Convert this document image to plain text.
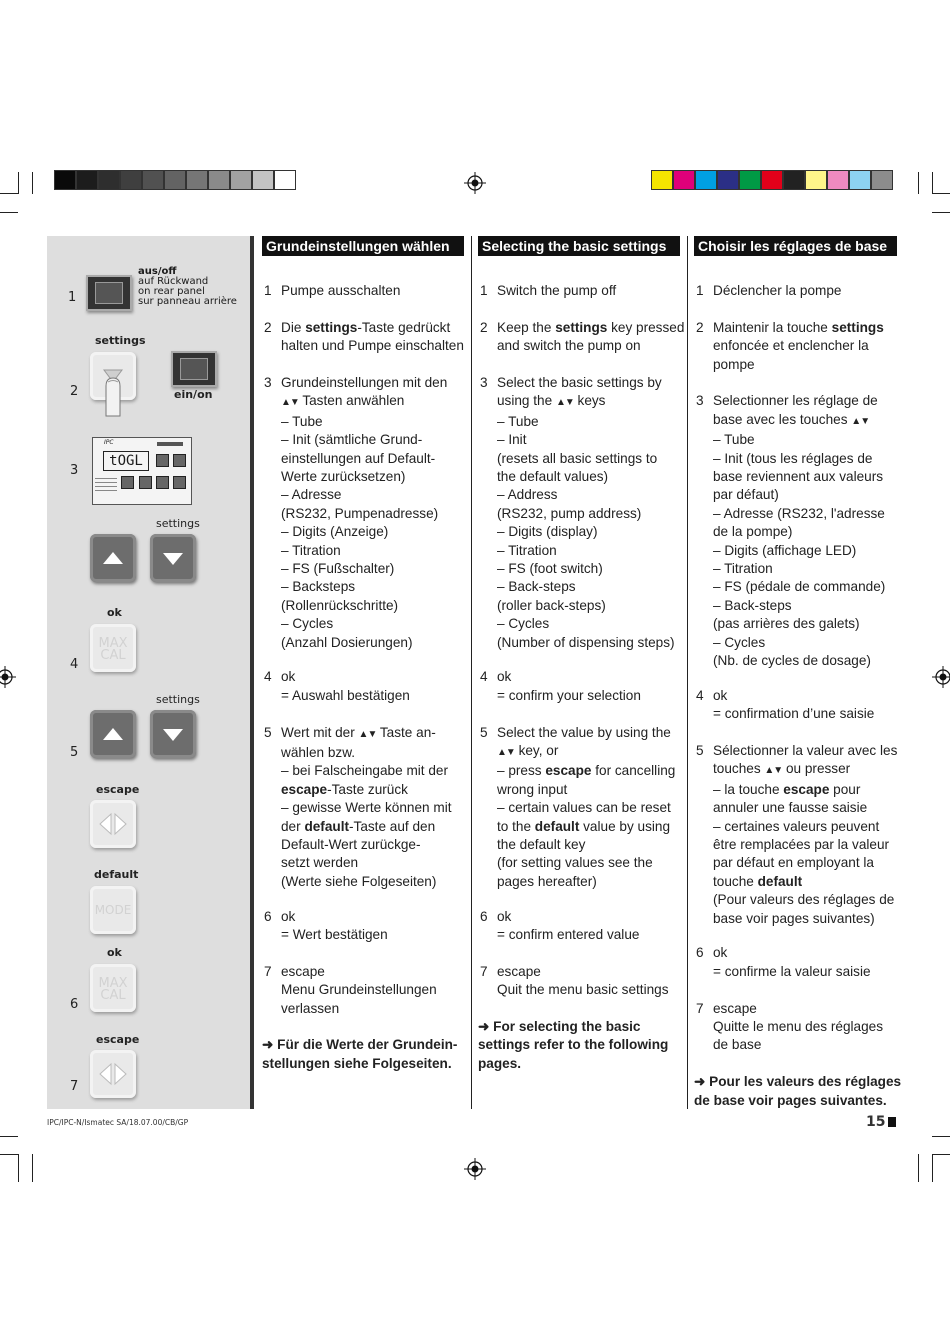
1
2
3
4
5
6
7
aus/off
auf Rückwand
on rear panel
sur panneau arrière
settings
ein/on
IPC
tOGL
settings
ok
MAX
CAL
settings
escape
default
MODE
ok
MAX
CAL
escape
Grundeinstellungen wählen
1 Pumpe ausschalten
2 Die settings-Taste gedrückt
halten und Pumpe einschalten
3 Grundeinstellungen mit den
▲▼ Tasten anwählen
– Tube
– Init (sämtliche Grund-
einstellungen auf Default-
Werte zurücksetzen)
– Adresse
(RS232, Pumpenadresse)
– Digits (Anzeige)
– Titration
– FS (Fußschalter)
– Backsteps
(Rollenrückschritte)
– Cycles
(Anzahl Dosierungen)
4 ok
= Auswahl bestätigen
5 Wert mit der ▲▼ Taste an-
wählen bzw.
– bei Falscheingabe mit der
escape-Taste zurück
– gewisse Werte können mit
der default-Taste auf den
Default-Wert zurückge-
setzt werden
(Werte siehe Folgeseiten)
6 ok
= Wert bestätigen
7 escape
Menu Grundeinstellungen
verlassen
➜ Für die Werte der Grundein-
stellungen siehe Folgeseiten.
Selecting the basic settings
1 Switch the pump off
2 Keep the settings key pressed
and switch the pump on
3 Select the basic settings by
using the ▲▼ keys
– Tube
– Init
(resets all basic settings to
the default values)
– Address
(RS232, pump address)
– Digits (display)
– Titration
– FS (foot switch)
– Back-steps
(roller back-steps)
– Cycles
(Number of dispensing steps)
4 ok
= confirm your selection
5 Select the value by using the
▲▼ key, or
– press escape for cancelling
wrong input
– certain values can be reset
to the default value by using
the default key
(for setting values see the
pages hereafter)
6 ok
= confirm entered value
7 escape
Quit the menu basic settings
➜ For selecting the basic
settings refer to the following
pages.
Choisir les réglages de base
1 Déclencher la pompe
2 Maintenir la touche settings
enfoncée et enclencher la
pompe
3 Selectionner les réglage de
base avec les touches ▲▼
– Tube
– Init (tous les réglages de
base reviennent aux valeurs
par défaut)
– Adresse (RS232, l'adresse
de la pompe)
– Digits (affichage LED)
– Titration
– FS (pédale de commande)
– Back-steps
(pas arrières des galets)
– Cycles
(Nb. de cycles de dosage)
4 ok
= confirmation d’une saisie
5 Sélectionner la valeur avec les
touches ▲▼ ou presser
– la touche escape pour
annuler une fausse saisie
– certaines valeurs peuvent
être remplacées par la valeur
par défaut en employant la
touche default
(Pour valeurs des réglages de
base voir pages suivantes)
6 ok
= confirme la valeur saisie
7 escape
Quitte le menu des réglages
de base
➜ Pour les valeurs des réglages
de base voir pages suivantes.
IPC/IPC-N/Ismatec SA/18.07.00/CB/GP	15
